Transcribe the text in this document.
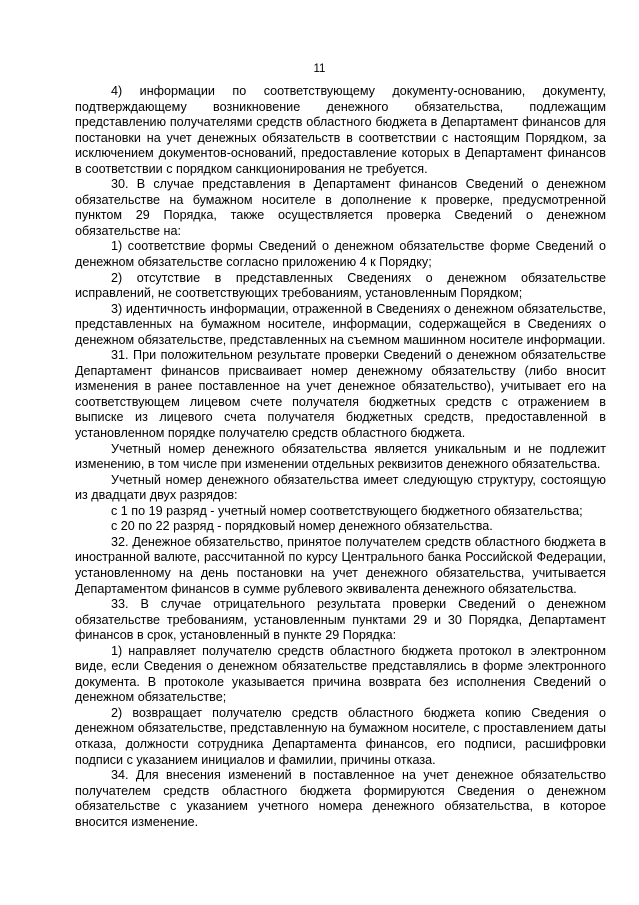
11

4) информации по соответствующему документу-основанию, документу, подтверждающему возникновение денежного обязательства, подлежащим представлению получателями средств областного бюджета в Департамент финансов для постановки на учет денежных обязательств в соответствии с настоящим Порядком, за исключением документов-оснований, предоставление которых в Департамент финансов в соответствии с порядком санкционирования не требуется.

30. В случае представления в Департамент финансов Сведений о денежном обязательстве на бумажном носителе в дополнение к проверке, предусмотренной пунктом 29 Порядка, также осуществляется проверка Сведений о денежном обязательстве на:

1) соответствие формы Сведений о денежном обязательстве форме Сведений о денежном обязательстве согласно приложению 4 к Порядку;

2) отсутствие в представленных Сведениях о денежном обязательстве исправлений, не соответствующих требованиям, установленным Порядком;

3) идентичность информации, отраженной в Сведениях о денежном обязательстве, представленных на бумажном носителе, информации, содержащейся в Сведениях о денежном обязательстве, представленных на съемном машинном носителе информации.

31. При положительном результате проверки Сведений о денежном обязательстве Департамент финансов присваивает номер денежному обязательству (либо вносит изменения в ранее поставленное на учет денежное обязательство), учитывает его на соответствующем лицевом счете получателя бюджетных средств с отражением в выписке из лицевого счета получателя бюджетных средств, предоставленной в установленном порядке получателю средств областного бюджета.

Учетный номер денежного обязательства является уникальным и не подлежит изменению, в том числе при изменении отдельных реквизитов денежного обязательства.

Учетный номер денежного обязательства имеет следующую структуру, состоящую из двадцати двух разрядов:

с 1 по 19 разряд - учетный номер соответствующего бюджетного обязательства;

с 20 по 22 разряд - порядковый номер денежного обязательства.

32. Денежное обязательство, принятое получателем средств областного бюджета в иностранной валюте, рассчитанной по курсу Центрального банка Российской Федерации, установленному на день постановки на учет денежного обязательства, учитывается Департаментом финансов в сумме рублевого эквивалента денежного обязательства.

33. В случае отрицательного результата проверки Сведений о денежном обязательстве требованиям, установленным пунктами 29 и 30 Порядка, Департамент финансов в срок, установленный в пункте 29 Порядка:

1) направляет получателю средств областного бюджета протокол в электронном виде, если Сведения о денежном обязательстве представлялись в форме электронного документа. В протоколе указывается причина возврата без исполнения Сведений о денежном обязательстве;

2) возвращает получателю средств областного бюджета копию Сведения о денежном обязательстве, представленную на бумажном носителе, с проставлением даты отказа, должности сотрудника Департамента финансов, его подписи, расшифровки подписи с указанием инициалов и фамилии, причины отказа.

34. Для внесения изменений в поставленное на учет денежное обязательство получателем средств областного бюджета формируются Сведения о денежном обязательстве с указанием учетного номера денежного обязательства, в которое вносится изменение.
